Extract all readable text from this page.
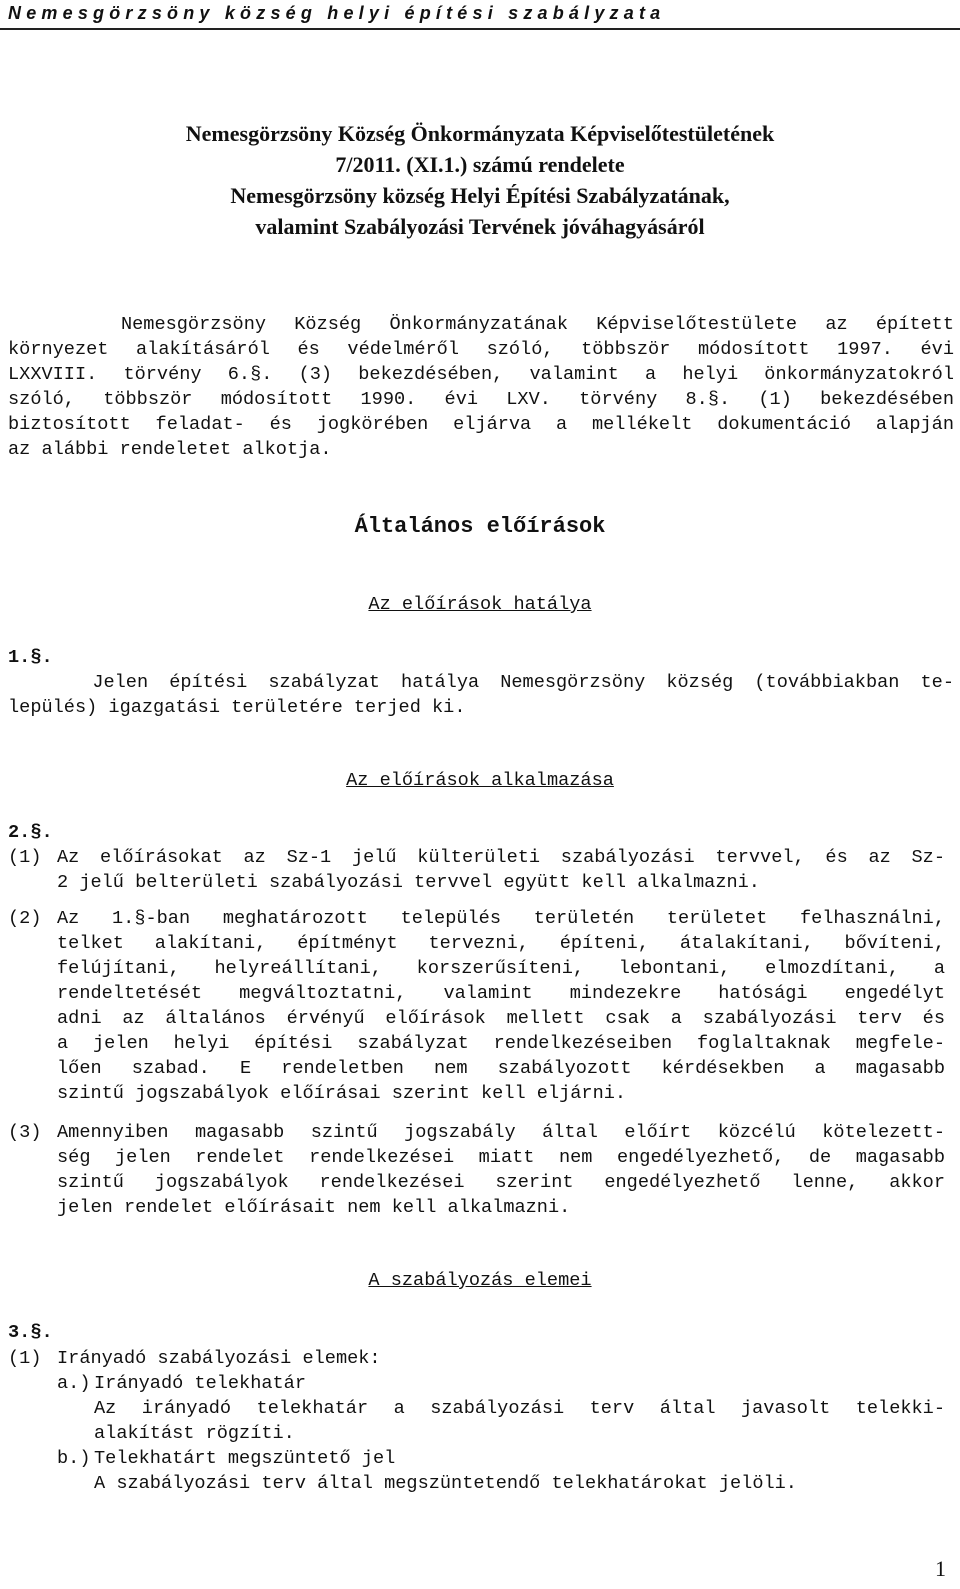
Nemesgörzsöny község helyi építési szabályzata
Nemesgörzsöny Község Önkormányzata Képviselőtestületének
7/2011. (XI.1.) számú rendelete
Nemesgörzsöny község Helyi Építési Szabályzatának,
valamint Szabályozási Tervének jóváhagyásáról
Nemesgörzsöny Község Önkormányzatának Képviselőtestülete az épített
környezet alakításáról és védelméről szóló, többször módosított 1997. évi
LXXVIII. törvény 6.§. (3) bekezdésében, valamint a helyi önkormányzatokról
szóló, többször módosított 1990. évi LXV. törvény 8.§. (1) bekezdésében
biztosított feladat- és jogkörében eljárva a mellékelt dokumentáció alapján
az alábbi rendeletet alkotja.
Általános előírások
Az előírások hatálya
1.§.
Jelen építési szabályzat hatálya Nemesgörzsöny község (továbbiakban te-
lepülés) igazgatási területére terjed ki.
Az előírások alkalmazása
2.§.
(1) Az előírásokat az Sz-1 jelű külterületi szabályozási tervvel, és az Sz-
2 jelű belterületi szabályozási tervvel együtt kell alkalmazni.
(2) Az 1.§-ban meghatározott település területén területet felhasználni,
telket alakítani, építményt tervezni, építeni, átalakítani, bővíteni,
felújítani, helyreállítani, korszerűsíteni, lebontani, elmozdítani, a
rendeltetését megváltoztatni, valamint mindezekre hatósági engedélyt
adni az általános érvényű előírások mellett csak a szabályozási terv és
a jelen helyi építési szabályzat rendelkezéseiben foglaltaknak megfele-
lően szabad. E rendeletben nem szabályozott kérdésekben a magasabb
szintű jogszabályok előírásai szerint kell eljárni.
(3) Amennyiben magasabb szintű jogszabály által előírt közcélú kötelezett-
ség jelen rendelet rendelkezései miatt nem engedélyezhető, de magasabb
szintű jogszabályok rendelkezései szerint engedélyezhető lenne, akkor
jelen rendelet előírásait nem kell alkalmazni.
A szabályozás elemei
3.§.
(1) Irányadó szabályozási elemek:
a.) Irányadó telekhatár
Az irányadó telekhatár a szabályozási terv által javasolt telekki-
alakítást rögzíti.
b.) Telekhatárt megszüntető jel
A szabályozási terv által megszüntetendő telekhatárokat jelöli.
1
